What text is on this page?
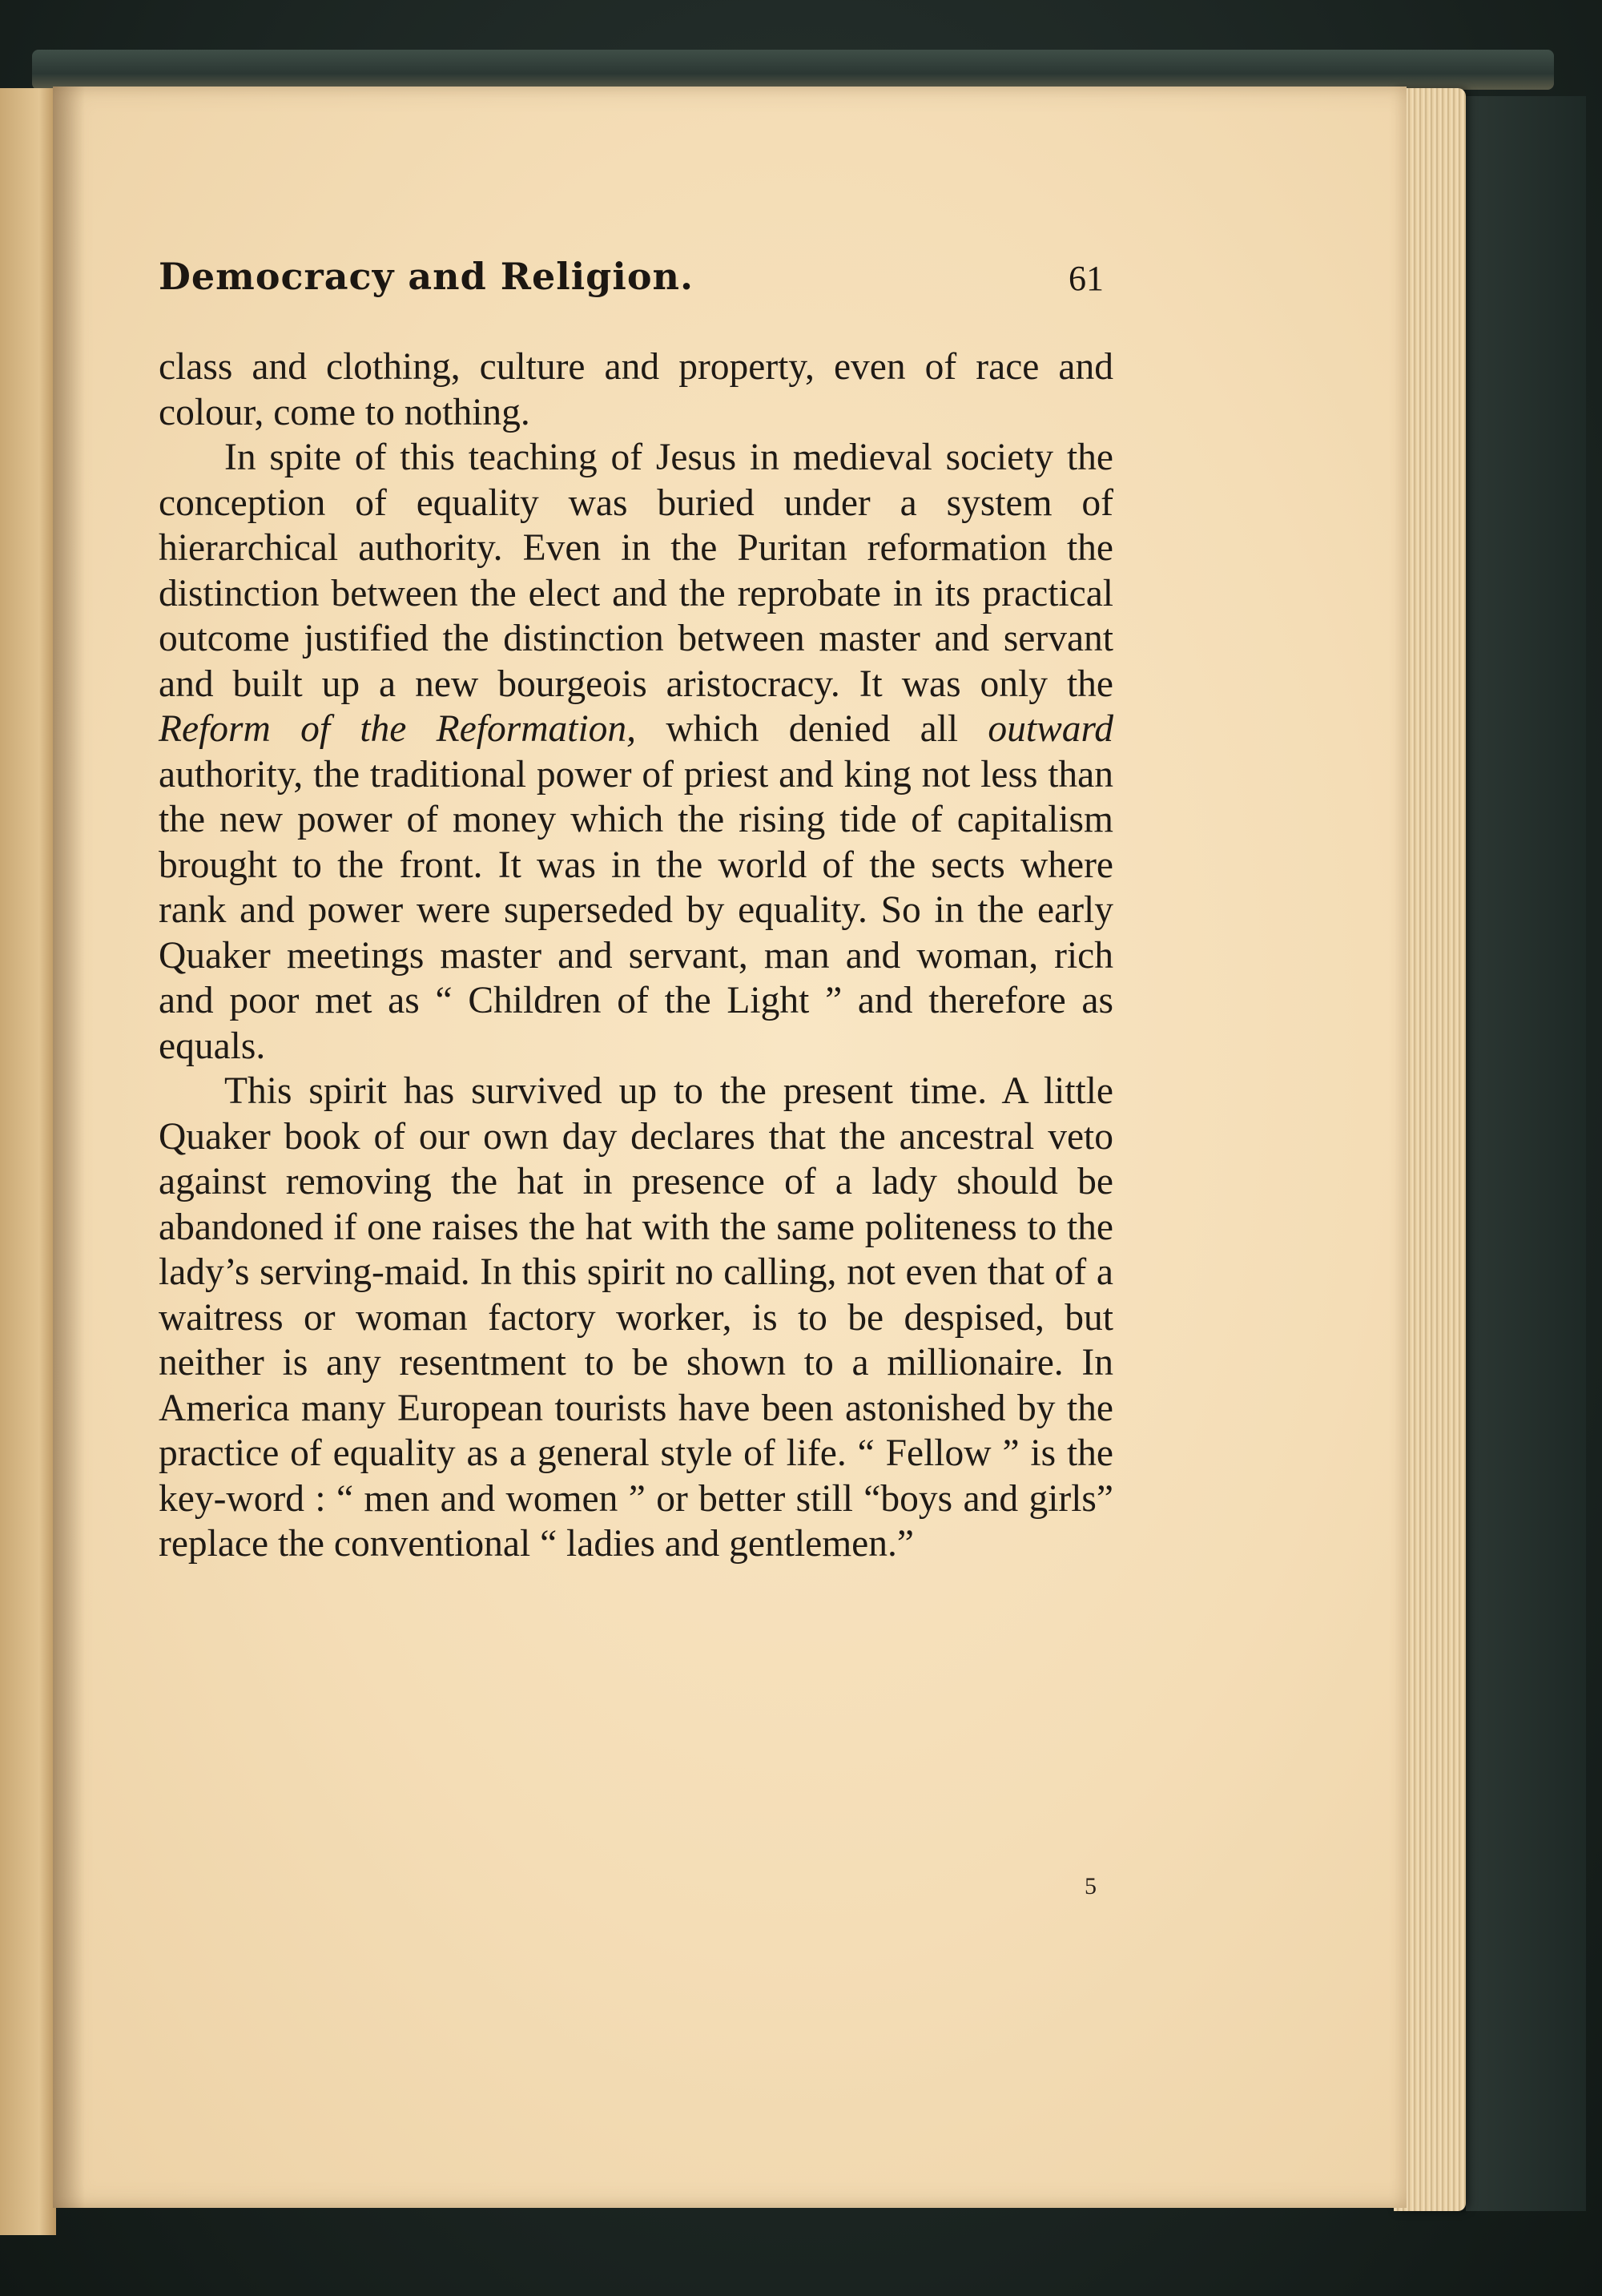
Democracy and Religion.	61

class and clothing, culture and property, even of race and colour, come to nothing.

In spite of this teaching of Jesus in medieval society the conception of equality was buried under a system of hierarchical authority. Even in the Puritan reformation the distinction between the elect and the reprobate in its practical outcome justified the distinction between master and servant and built up a new bourgeois aristocracy. It was only the Reform of the Reformation, which denied all outward authority, the traditional power of priest and king not less than the new power of money which the rising tide of capitalism brought to the front. It was in the world of the sects where rank and power were superseded by equality. So in the early Quaker meetings master and servant, man and woman, rich and poor met as “ Children of the Light ” and therefore as equals.

This spirit has survived up to the present time. A little Quaker book of our own day declares that the ancestral veto against removing the hat in presence of a lady should be abandoned if one raises the hat with the same politeness to the lady’s serving-maid. In this spirit no calling, not even that of a waitress or woman factory worker, is to be despised, but neither is any resentment to be shown to a millionaire. In America many European tourists have been astonished by the practice of equality as a general style of life. “ Fellow ” is the key-word : “ men and women ” or better still “boys and girls” replace the conventional “ ladies and gentlemen.”

5
